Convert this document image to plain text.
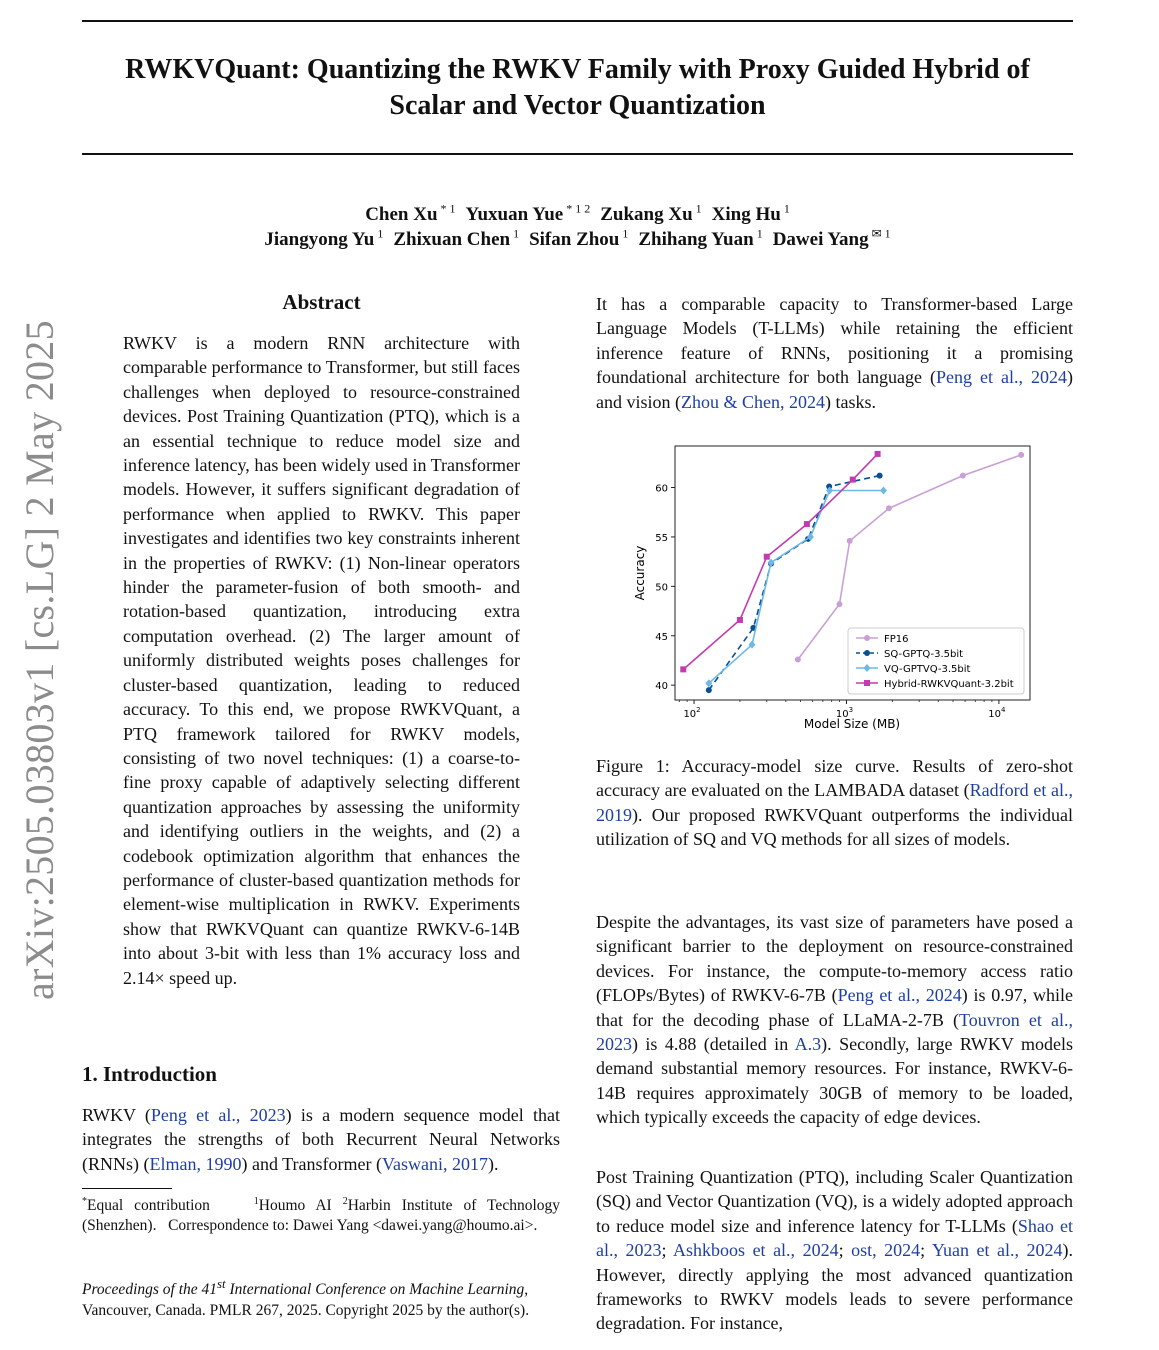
RWKVQuant: Quantizing the RWKV Family with Proxy Guided Hybrid of
Scalar and Vector Quantization
Chen Xu $^{* 1}$ Yuxuan Yue $^{* 1 2}$ Zukang Xu $^1$ Xing Hu $^1$
Jiangyong Yu $^1$ Zhixuan Chen $^1$ Sifan Zhou $^1$ Zhihang Yuan $^1$ Dawei Yang $^{✉ 1}$
arXiv:2505.03803v1 [cs.LG] 2 May 2025
Abstract
RWKV is a modern RNN architecture with comparable performance to Transformer, but still faces challenges when deployed to resource-constrained devices. Post Training Quantization (PTQ), which is a an essential technique to reduce model size and inference latency, has been widely used in Transformer models. However, it suffers significant degradation of performance when applied to RWKV. This paper investigates and identifies two key constraints inherent in the properties of RWKV: (1) Non-linear operators hinder the parameter-fusion of both smooth- and rotation-based quantization, introducing extra computation overhead. (2) The larger amount of uniformly distributed weights poses challenges for cluster-based quantization, leading to reduced accuracy. To this end, we propose RWKVQuant, a PTQ framework tailored for RWKV models, consisting of two novel techniques: (1) a coarse-to-fine proxy capable of adaptively selecting different quantization approaches by assessing the uniformity and identifying outliers in the weights, and (2) a codebook optimization algorithm that enhances the performance of cluster-based quantization methods for element-wise multiplication in RWKV. Experiments show that RWKVQuant can quantize RWKV-6-14B into about 3-bit with less than 1% accuracy loss and 2.14× speed up.
1. Introduction
RWKV (Peng et al., 2023) is a modern sequence model that integrates the strengths of both Recurrent Neural Networks (RNNs) (Elman, 1990) and Transformer (Vaswani, 2017).
*Equal contribution	$^1$Houmo AI $^2$Harbin Institute of Technology (Shenzhen). Correspondence to: Dawei Yang <dawei.yang@houmo.ai>.
Proceedings of the 41st International Conference on Machine Learning, Vancouver, Canada. PMLR 267, 2025. Copyright 2025 by the author(s).
It has a comparable capacity to Transformer-based Large Language Models (T-LLMs) while retaining the efficient inference feature of RNNs, positioning it a promising foundational architecture for both language (Peng et al., 2024) and vision (Zhou & Chen, 2024) tasks.
40
45
50
55
60
$10^2$	$10^3$	$10^4$
Model Size (MB)
Accuracy
FP16
SQ-GPTQ-3.5bit
VQ-GPTVQ-3.5bit
Hybrid-RWKVQuant-3.2bit
Figure 1: Accuracy-model size curve. Results of zero-shot accuracy are evaluated on the LAMBADA dataset (Radford et al., 2019). Our proposed RWKVQuant outperforms the individual utilization of SQ and VQ methods for all sizes of models.
Despite the advantages, its vast size of parameters have posed a significant barrier to the deployment on resource-constrained devices. For instance, the compute-to-memory access ratio (FLOPs/Bytes) of RWKV-6-7B (Peng et al., 2024) is 0.97, while that for the decoding phase of LLaMA-2-7B (Touvron et al., 2023) is 4.88 (detailed in A.3). Secondly, large RWKV models demand substantial memory resources. For instance, RWKV-6-14B requires approximately 30GB of memory to be loaded, which typically exceeds the capacity of edge devices.
Post Training Quantization (PTQ), including Scaler Quantization (SQ) and Vector Quantization (VQ), is a widely adopted approach to reduce model size and inference latency for T-LLMs (Shao et al., 2023; Ashkboos et al., 2024; ost, 2024; Yuan et al., 2024). However, directly applying the most advanced quantization frameworks to RWKV models leads to severe performance degradation. For instance,
